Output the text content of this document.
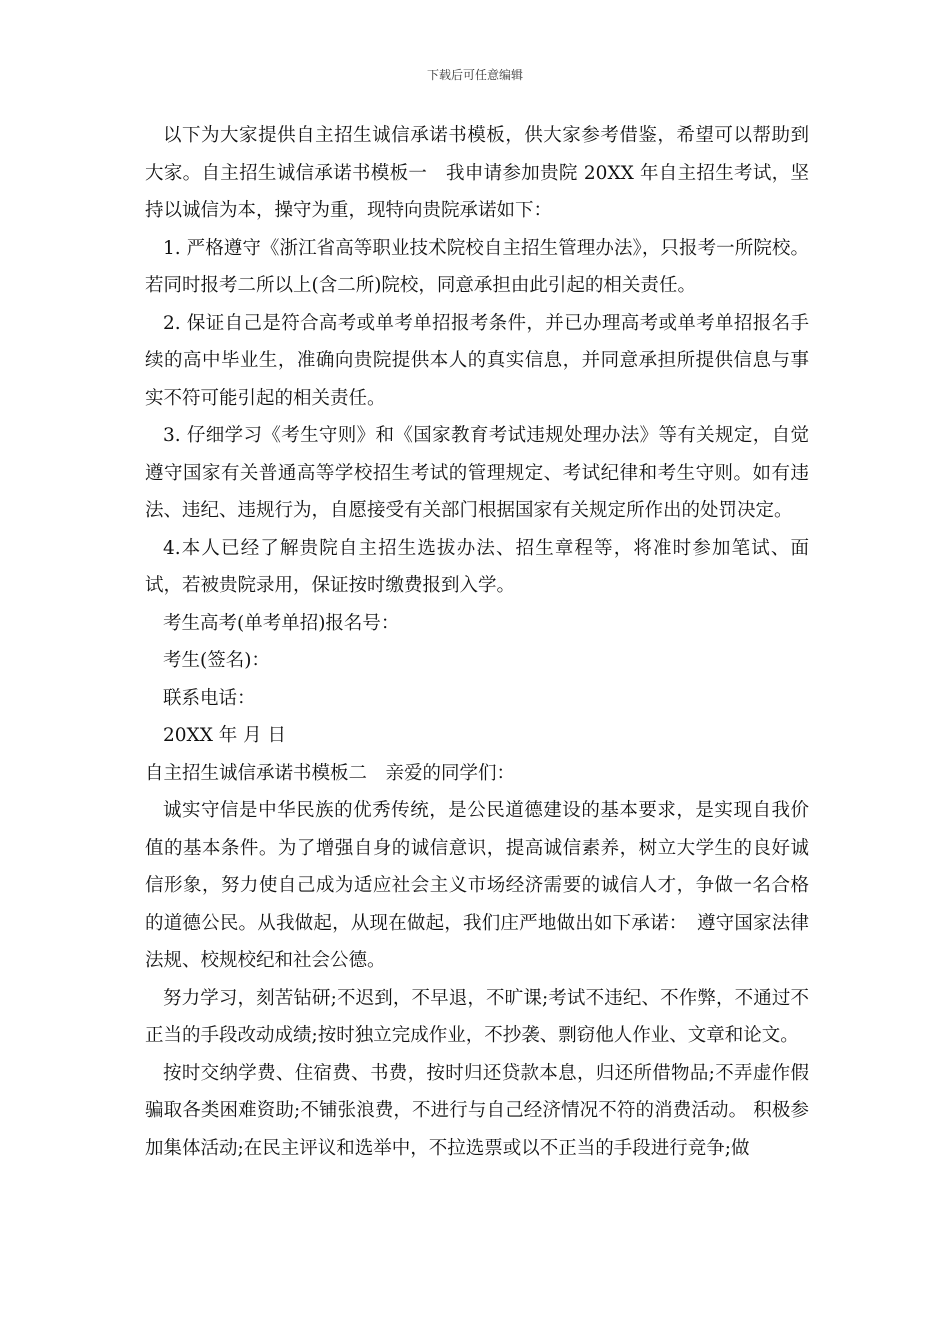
下载后可任意编辑

以下为大家提供自主招生诚信承诺书模板，供大家参考借鉴，希望可以帮助到大家。自主招生诚信承诺书模板一　我申请参加贵院 20XX 年自主招生考试，坚持以诚信为本，操守为重，现特向贵院承诺如下：

1. 严格遵守《浙江省高等职业技术院校自主招生管理办法》，只报考一所院校。若同时报考二所以上(含二所)院校，同意承担由此引起的相关责任。

2. 保证自己是符合高考或单考单招报考条件，并已办理高考或单考单招报名手续的高中毕业生，准确向贵院提供本人的真实信息，并同意承担所提供信息与事实不符可能引起的相关责任。

3. 仔细学习《考生守则》和《国家教育考试违规处理办法》等有关规定，自觉遵守国家有关普通高等学校招生考试的管理规定、考试纪律和考生守则。如有违法、违纪、违规行为，自愿接受有关部门根据国家有关规定所作出的处罚决定。

4.本人已经了解贵院自主招生选拔办法、招生章程等，将准时参加笔试、面试，若被贵院录用，保证按时缴费报到入学。

考生高考(单考单招)报名号：

考生(签名)：

联系电话：

20XX 年 月 日

自主招生诚信承诺书模板二　亲爱的同学们：

诚实守信是中华民族的优秀传统，是公民道德建设的基本要求，是实现自我价值的基本条件。为了增强自身的诚信意识，提高诚信素养，树立大学生的良好诚信形象，努力使自己成为适应社会主义市场经济需要的诚信人才，争做一名合格的道德公民。从我做起，从现在做起，我们庄严地做出如下承诺：　遵守国家法律法规、校规校纪和社会公德。

努力学习，刻苦钻研;不迟到，不早退，不旷课;考试不违纪、不作弊，不通过不正当的手段改动成绩;按时独立完成作业，不抄袭、剽窃他人作业、文章和论文。

按时交纳学费、住宿费、书费，按时归还贷款本息，归还所借物品;不弄虚作假骗取各类困难资助;不铺张浪费，不进行与自己经济情况不符的消费活动。 积极参加集体活动;在民主评议和选举中，不拉选票或以不正当的手段进行竞争;做
